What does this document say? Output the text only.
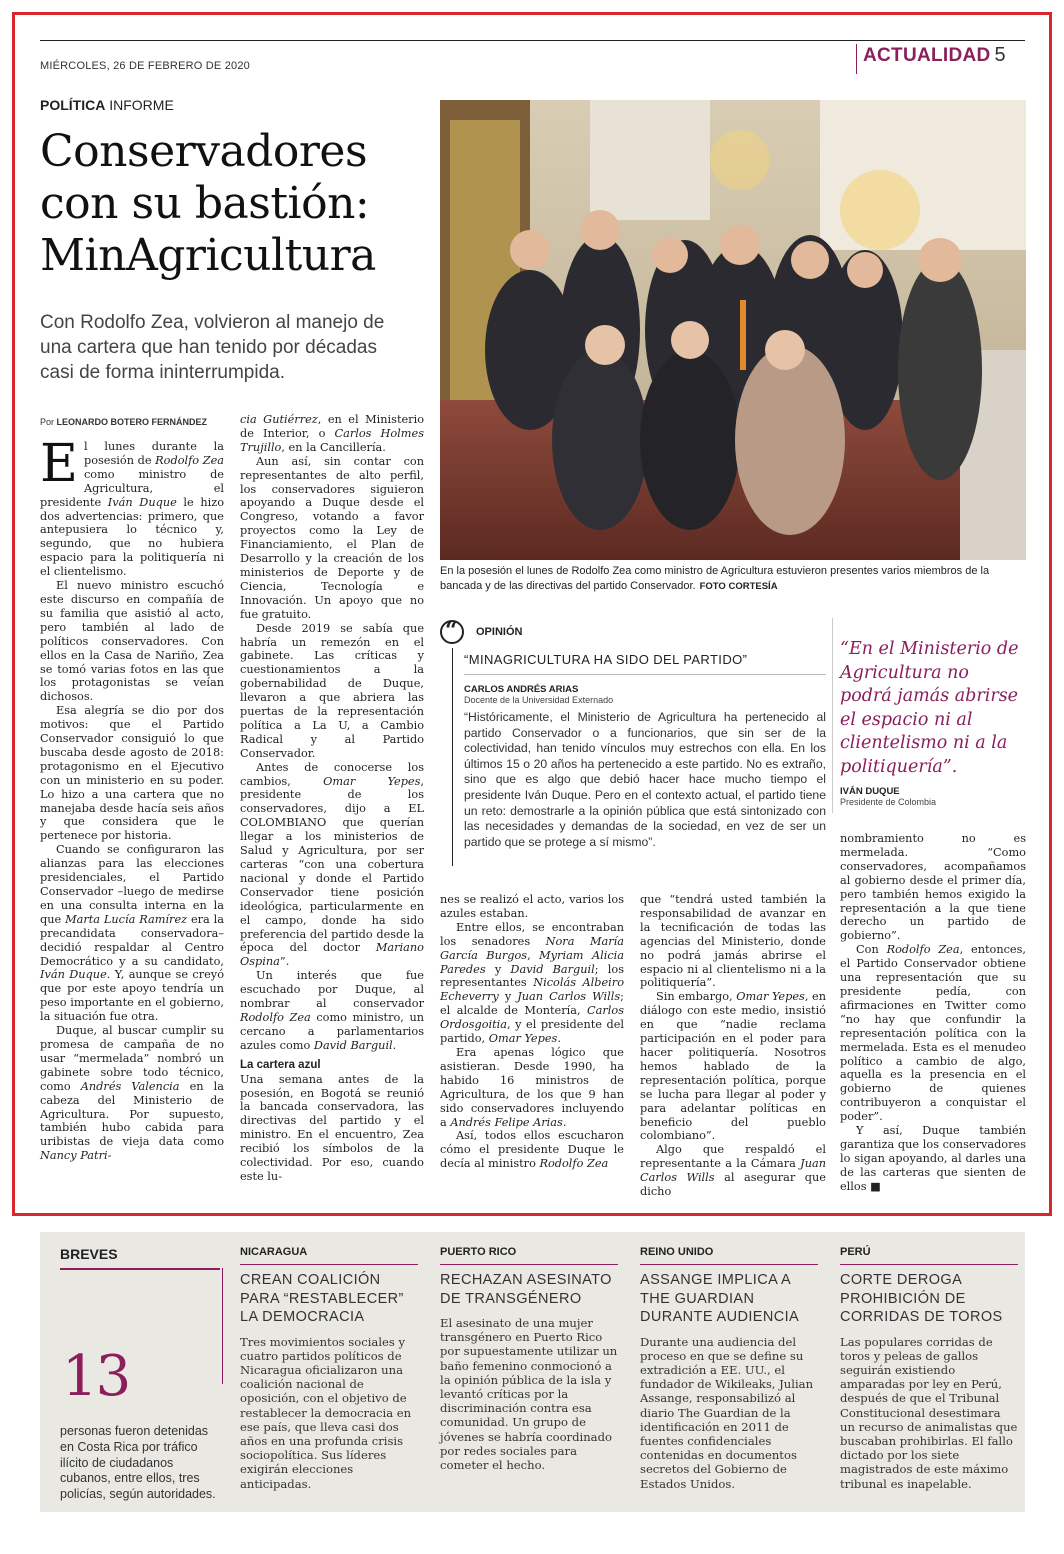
MIÉRCOLES, 26 DE FEBRERO DE 2020	ACTUALIDAD 5
POLÍTICA INFORME
Conservadores con su bastión: MinAgricultura
Con Rodolfo Zea, volvieron al manejo de una cartera que han tenido por décadas casi de forma ininterrumpida.
En la posesión el lunes de Rodolfo Zea como ministro de Agricultura estuvieron presentes varios miembros de la bancada y de las directivas del partido Conservador. FOTO CORTESÍA
Por LEONARDO BOTERO FERNÁNDEZ

El lunes durante la posesión de Rodolfo Zea como ministro de Agricultura, el presidente Iván Duque le hizo dos advertencias: primero, que antepusiera lo técnico y, segundo, que no hubiera espacio para la politiquería ni el clientelismo.

El nuevo ministro escuchó este discurso en compañía de su familia que asistió al acto, pero también al lado de políticos conservadores. Con ellos en la Casa de Nariño, Zea se tomó varias fotos en las que los protagonistas se veían dichosos.

Esa alegría se dio por dos motivos: que el Partido Conservador consiguió lo que buscaba desde agosto de 2018: protagonismo en el Ejecutivo con un ministerio en su poder. Lo hizo a una cartera que no manejaba desde hacía seis años y que considera que le pertenece por historia.

Cuando se configuraron las alianzas para las elecciones presidenciales, el Partido Conservador –luego de medirse en una consulta interna en la que Marta Lucía Ramírez era la precandidata conservadora– decidió respaldar al Centro Democrático y a su candidato, Iván Duque. Y, aunque se creyó que por este apoyo tendría un peso importante en el gobierno, la situación fue otra.

Duque, al buscar cumplir su promesa de campaña de no usar “mermelada” nombró un gabinete sobre todo técnico, como Andrés Valencia en la cabeza del Ministerio de Agricultura. Por supuesto, también hubo cabida para uribistas de vieja data como Nancy Patri-

cia Gutiérrez, en el Ministerio de Interior, o Carlos Holmes Trujillo, en la Cancillería.

Aun así, sin contar con representantes de alto perfil, los conservadores siguieron apoyando a Duque desde el Congreso, votando a favor proyectos como la Ley de Financiamiento, el Plan de Desarrollo y la creación de los ministerios de Deporte y de Ciencia, Tecnología e Innovación. Un apoyo que no fue gratuito.

Desde 2019 se sabía que habría un remezón en el gabinete. Las críticas y cuestionamientos a la gobernabilidad de Duque, llevaron a que abriera las puertas de la representación política a La U, a Cambio Radical y al Partido Conservador.

Antes de conocerse los cambios, Omar Yepes, presidente de los conservadores, dijo a EL COLOMBIANO que querían llegar a los ministerios de Salud y Agricultura, por ser carteras “con una cobertura nacional y donde el Partido Conservador tiene posición ideológica, particularmente en el campo, donde ha sido preferencia del partido desde la época del doctor Mariano Ospina”.

Un interés que fue escuchado por Duque, al nombrar al conservador Rodolfo Zea como ministro, un cercano a parlamentarios azules como David Barguil.

La cartera azul

Una semana antes de la posesión, en Bogotá se reunió la bancada conservadora, las directivas del partido y el ministro. En el encuentro, Zea recibió los símbolos de la colectividad. Por eso, cuando este lu-

nes se realizó el acto, varios los azules estaban.

Entre ellos, se encontraban los senadores Nora María García Burgos, Myriam Alicia Paredes y David Barguil; los representantes Nicolás Albeiro Echeverry y Juan Carlos Wills; el alcalde de Montería, Carlos Ordosgoitia, y el presidente del partido, Omar Yepes.

Era apenas lógico que asistieran. Desde 1990, ha habido 16 ministros de Agricultura, de los que 9 han sido conservadores incluyendo a Andrés Felipe Arias.

Así, todos ellos escucharon cómo el presidente Duque le decía al ministro Rodolfo Zea

que “tendrá usted también la responsabilidad de avanzar en la tecnificación de todas las agencias del Ministerio, donde no podrá jamás abrirse el espacio ni al clientelismo ni a la politiquería”.

Sin embargo, Omar Yepes, en diálogo con este medio, insistió en que “nadie reclama participación en el poder para hacer politiquería. Nosotros hemos hablado de la representación política, porque se lucha para llegar al poder y para adelantar políticas en beneficio del pueblo colombiano”.

Algo que respaldó el representante a la Cámara Juan Carlos Wills al asegurar que dicho

nombramiento no es mermelada. “Como conservadores, acompañamos al gobierno desde el primer día, pero también hemos exigido la representación a la que tiene derecho un partido de gobierno”.

Con Rodolfo Zea, entonces, el Partido Conservador obtiene una representación que su presidente pedía, con afirmaciones en Twitter como “no hay que confundir la representación política con la mermelada. Esta es el menudeo político a cambio de algo, aquella es la presencia en el gobierno de quienes contribuyeron a conquistar el poder”.

Y así, Duque también garantiza que los conservadores lo sigan apoyando, al darles una de las carteras que sienten de ellos ■

“ OPINIÓN
“MINAGRICULTURA HA SIDO DEL PARTIDO”
CARLOS ANDRÉS ARIAS
Docente de la Universidad Externado
“Históricamente, el Ministerio de Agricultura ha pertenecido al partido Conservador o a funcionarios, que sin ser de la colectividad, han tenido vínculos muy estrechos con ella. En los últimos 15 o 20 años ha pertenecido a este partido. No es extraño, sino que es algo que debió hacer hace mucho tiempo el presidente Iván Duque. Pero en el contexto actual, el partido tiene un reto: demostrarle a la opinión pública que está sintonizado con las necesidades y demandas de la sociedad, en vez de ser un partido que se protege a sí mismo”.
“En el Ministerio de Agricultura no podrá jamás abrirse el espacio ni al clientelismo ni a la politiquería”.
IVÁN DUQUE
Presidente de Colombia
BREVES
13
personas fueron detenidas en Costa Rica por tráfico ilícito de ciudadanos cubanos, entre ellos, tres policías, según autoridades.
NICARAGUA
CREAN COALICIÓN PARA “RESTABLECER” LA DEMOCRACIA
Tres movimientos sociales y cuatro partidos políticos de Nicaragua oficializaron una coalición nacional de oposición, con el objetivo de restablecer la democracia en ese país, que lleva casi dos años en una profunda crisis sociopolítica. Sus líderes exigirán elecciones anticipadas.
PUERTO RICO
RECHAZAN ASESINATO DE TRANSGÉNERO
El asesinato de una mujer transgénero en Puerto Rico por supuestamente utilizar un baño femenino conmocionó a la opinión pública de la isla y levantó críticas por la discriminación contra esa comunidad. Un grupo de jóvenes se habría coordinado por redes sociales para cometer el hecho.
REINO UNIDO
ASSANGE IMPLICA A THE GUARDIAN DURANTE AUDIENCIA
Durante una audiencia del proceso en que se define su extradición a EE. UU., el fundador de Wikileaks, Julian Assange, responsabilizó al diario The Guardian de la identificación en 2011 de fuentes confidenciales contenidas en documentos secretos del Gobierno de Estados Unidos.
PERÚ
CORTE DEROGA PROHIBICIÓN DE CORRIDAS DE TOROS
Las populares corridas de toros y peleas de gallos seguirán existiendo amparadas por ley en Perú, después de que el Tribunal Constitucional desestimara un recurso de animalistas que buscaban prohibirlas. El fallo dictado por los siete magistrados de este máximo tribunal es inapelable.
